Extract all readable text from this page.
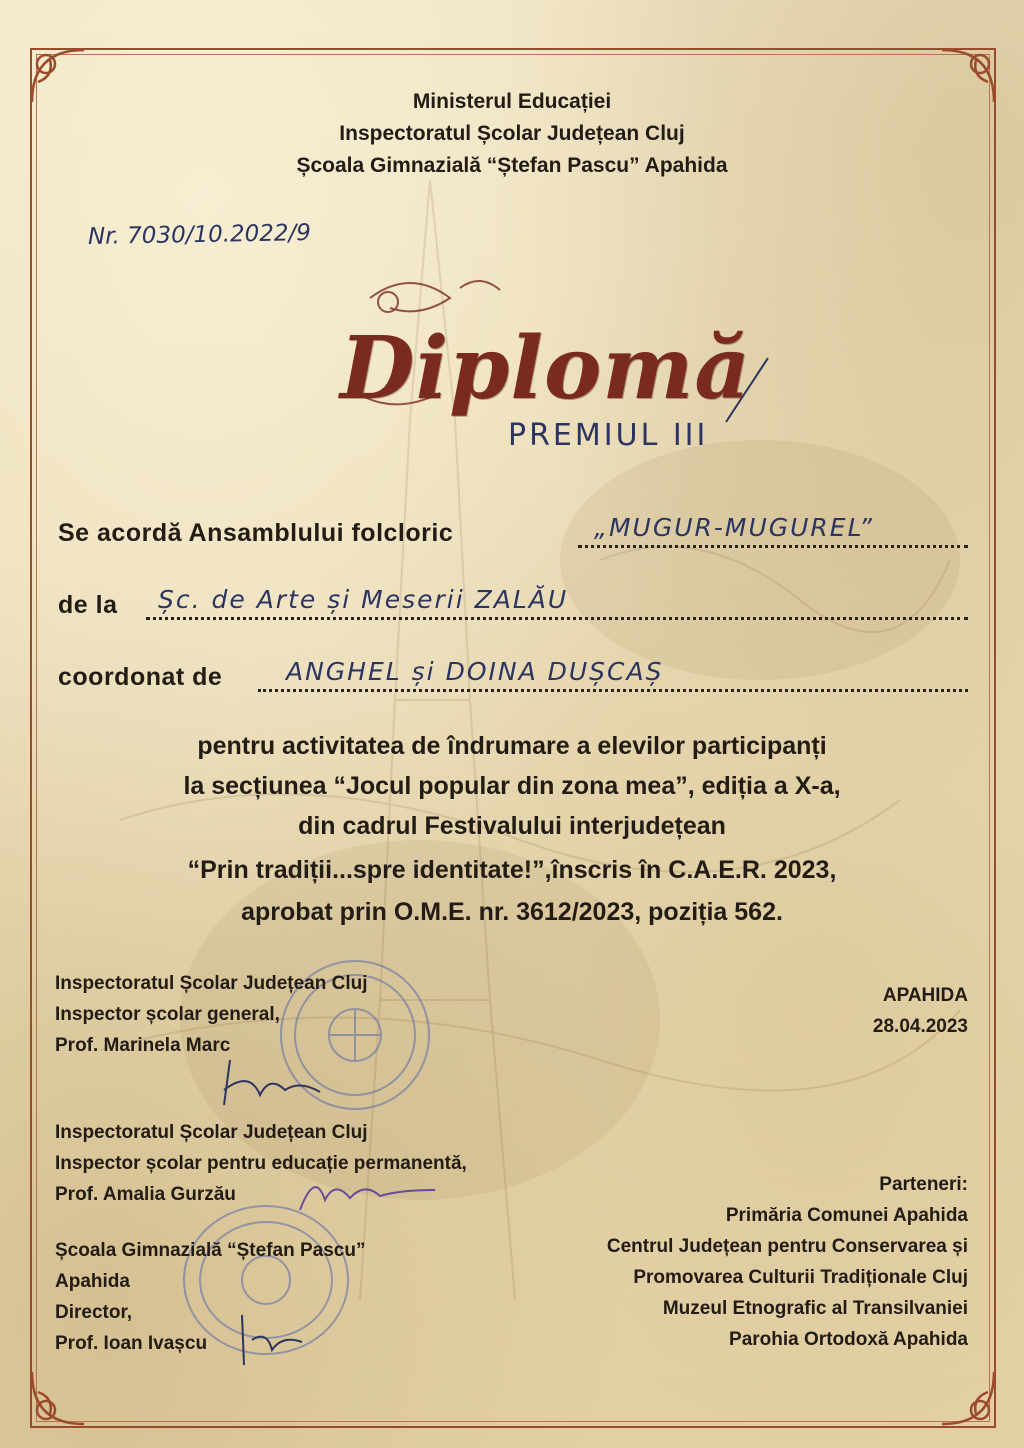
Ministerul Educației
Inspectoratul Școlar Județean Cluj
Școala Gimnazială “Ștefan Pascu” Apahida
Nr. 7030/10.2022/9
Diplomă
PREMIUL III
Se acordă Ansamblului folcloric	„MUGUR-MUGUREL”
de la Șc. de Arte și Meserii ZALĂU
coordonat de	ANGHEL și DOINA DUȘCAȘ
pentru activitatea de îndrumare a elevilor participanți
la secțiunea “Jocul popular din zona mea”, ediția a X-a,
din cadrul Festivalului interjudețean
“Prin tradiții...spre identitate!”,înscris în C.A.E.R. 2023,
aprobat prin O.M.E. nr. 3612/2023, poziția 562.
Inspectoratul Școlar Județean Cluj
Inspector școlar general,
Prof. Marinela Marc
Inspectoratul Școlar Județean Cluj
Inspector școlar pentru educație permanentă,
Prof. Amalia Gurzău
Școala Gimnazială “Ștefan Pascu”
Apahida
Director,
Prof. Ioan Ivașcu
APAHIDA
28.04.2023
Parteneri:
Primăria Comunei Apahida
Centrul Județean pentru Conservarea și
Promovarea Culturii Tradiționale Cluj
Muzeul Etnografic al Transilvaniei
Parohia Ortodoxă Apahida
